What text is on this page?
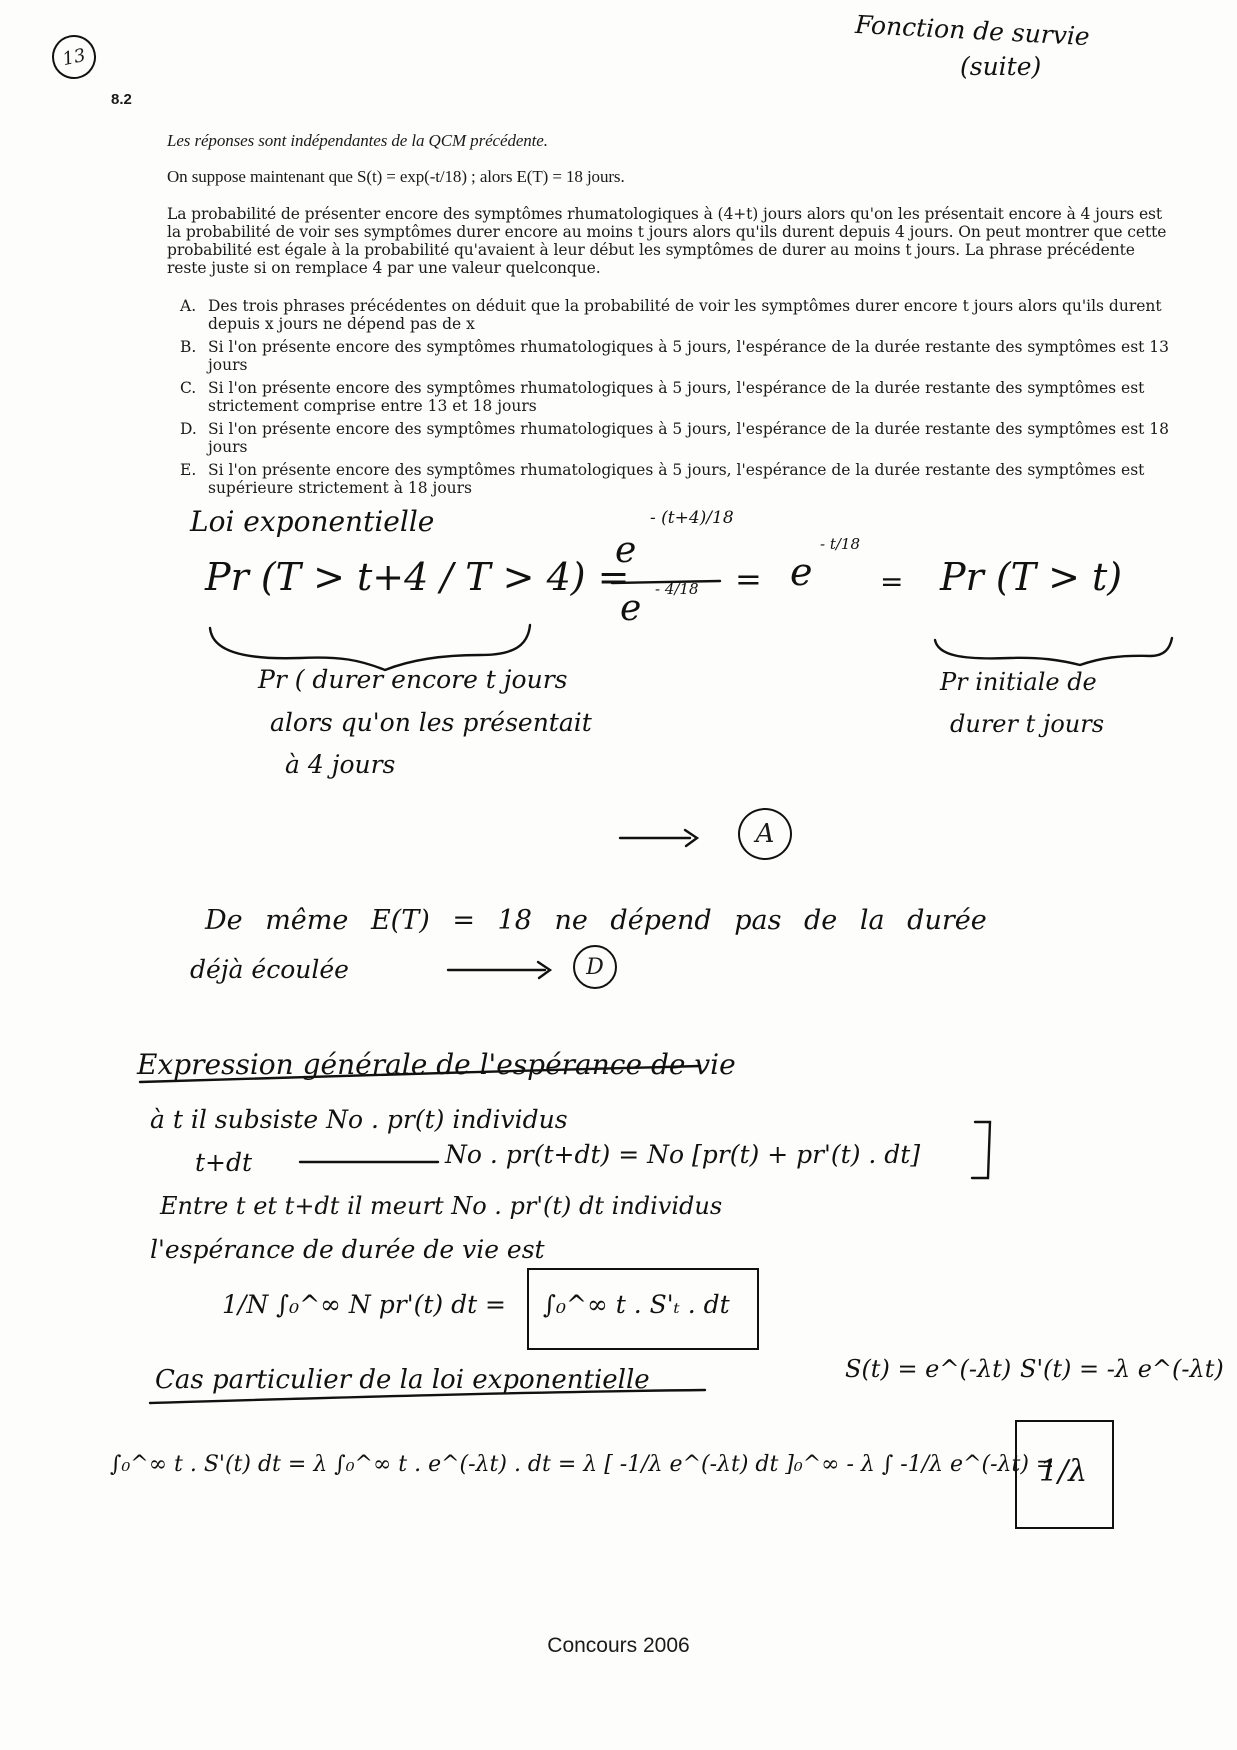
13
Fonction de survie
(suite)
8.2
Les réponses sont indépendantes de la QCM précédente.
On suppose maintenant que S(t) = exp(-t/18) ; alors E(T) = 18 jours.
La probabilité de présenter encore des symptômes rhumatologiques à (4+t) jours alors qu'on les présentait encore à 4 jours est la probabilité de voir ses symptômes durer encore au moins t jours alors qu'ils durent depuis 4 jours. On peut montrer que cette probabilité est égale à la probabilité qu'avaient à leur début les symptômes de durer au moins t jours. La phrase précédente reste juste si on remplace 4 par une valeur quelconque.
A. Des trois phrases précédentes on déduit que la probabilité de voir les symptômes durer encore t jours alors qu'ils durent depuis x jours ne dépend pas de x
B. Si l'on présente encore des symptômes rhumatologiques à 5 jours, l'espérance de la durée restante des symptômes est 13 jours
C. Si l'on présente encore des symptômes rhumatologiques à 5 jours, l'espérance de la durée restante des symptômes est strictement comprise entre 13 et 18 jours
D. Si l'on présente encore des symptômes rhumatologiques à 5 jours, l'espérance de la durée restante des symptômes est 18 jours
E. Si l'on présente encore des symptômes rhumatologiques à 5 jours, l'espérance de la durée restante des symptômes est supérieure strictement à 18 jours
Loi exponentielle
Pr (T > t+4 / T > 4) =
e
- (t+4)/18
e - 4/18 = e
- t/18
= Pr (T > t)
Pr ( durer encore t jours
alors qu'on les présentait
à 4 jours
Pr initiale de
durer t jours
A
De même E(T) = 18 ne dépend pas de la durée
déjà écoulée	D
Expression générale de l'espérance de vie
à t il subsiste No . pr(t) individus
t+dt	No . pr(t+dt) = No [pr(t) + pr'(t) . dt]
Entre t et t+dt il meurt No . pr'(t) dt individus
l'espérance de durée de vie est
1/N ∫₀^∞ N pr'(t) dt = ∫₀^∞ t . S'ₜ . dt
Cas particulier de la loi exponentielle	S(t) = e^(-λt) S'(t) = -λ e^(-λt)
∫₀^∞ t . S'(t) dt = λ ∫₀^∞ t . e^(-λt) . dt = λ [ -1/λ e^(-λt) dt ]₀^∞ - λ ∫ -1/λ e^(-λt) =
1/λ
Concours 2006
